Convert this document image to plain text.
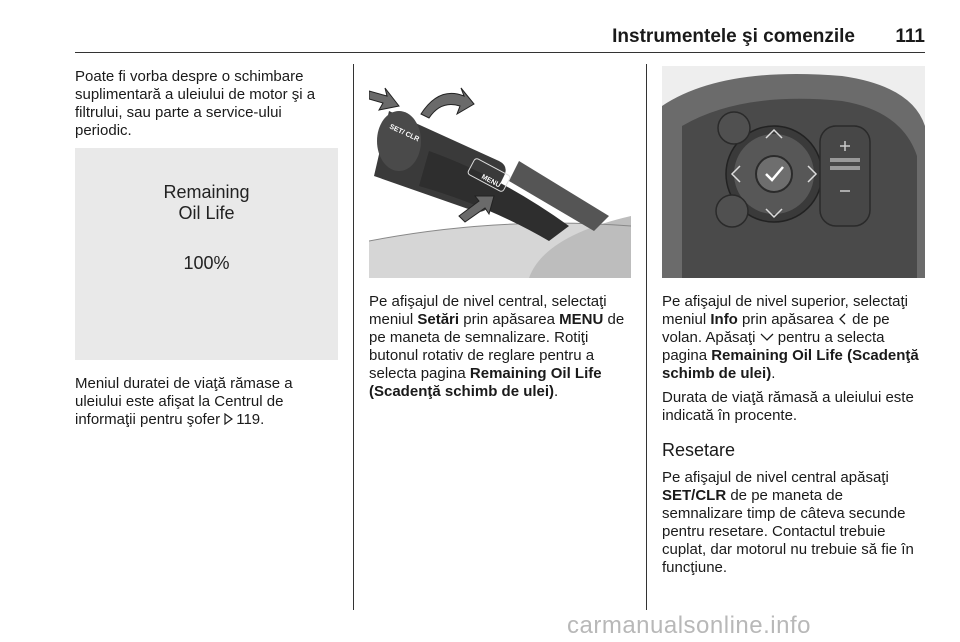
Instrumentele şi comenzile 111

Poate fi vorba despre o schimbare suplimentară a uleiului de motor şi a filtrului, sau parte a service-ului periodic.

Remaining
Oil Life
100%

Meniul duratei de viaţă rămase a uleiului este afişat la Centrul de informaţii pentru şofer 119.

SET/ CLR
MENU

Pe afişajul de nivel central, selectaţi meniul Setări prin apăsarea MENU de pe maneta de semnalizare. Rotiţi butonul rotativ de reglare pentru a selecta pagina Remaining Oil Life (Scadenţă schimb de ulei).

Pe afişajul de nivel superior, selectaţi meniul Info prin apăsarea  de pe volan. Apăsaţi  pentru a selecta pagina Remaining Oil Life (Scadenţă schimb de ulei).

Durata de viaţă rămasă a uleiului este indicată în procente.

Resetare

Pe afişajul de nivel central apăsaţi SET/CLR de pe maneta de semnalizare timp de câteva secunde pentru resetare. Contactul trebuie cuplat, dar motorul nu trebuie să fie în funcţiune.

carmanualsonline.info
